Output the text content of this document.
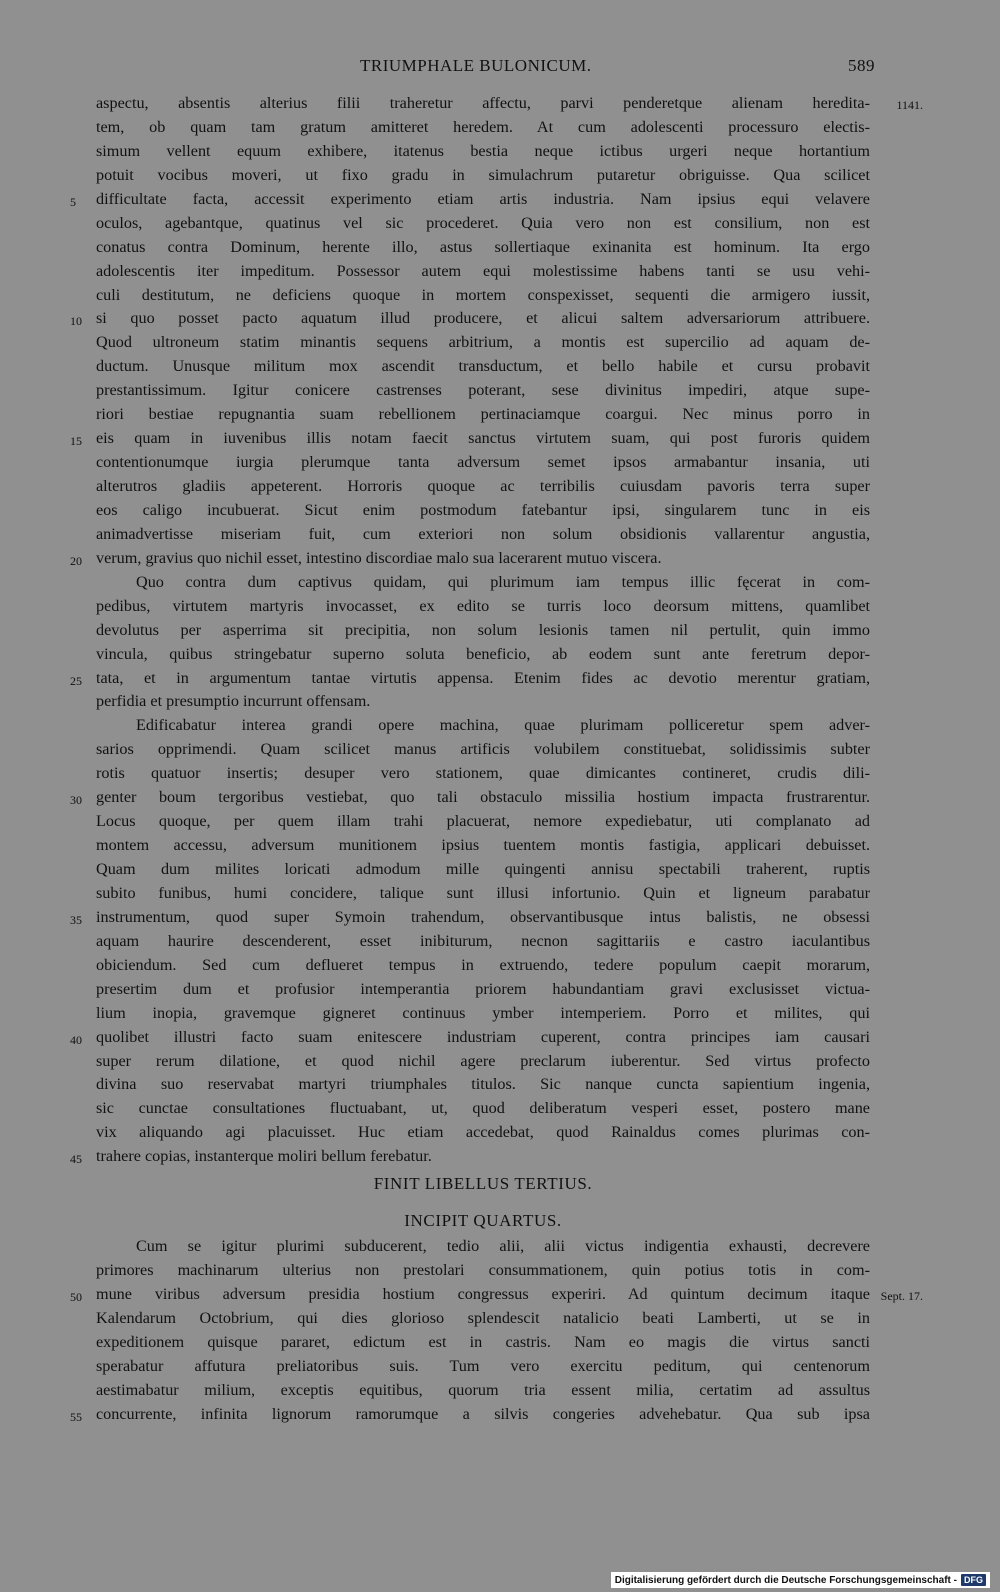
TRIUMPHALE BULONICUM.	589
aspectu, absentis alterius filii traheretur affectu, parvi penderetque alienam heredita- 1141.
tem, ob quam tam gratum amitteret heredem. At cum adolescenti processuro electis-
simum vellent equum exhibere, itatenus bestia neque ictibus urgeri neque hortantium
potuit vocibus moveri, ut fixo gradu in simulachrum putaretur obriguisse. Qua scilicet
difficultate facta, accessit experimento etiam artis industria. Nam ipsius equi velavere
5
oculos, agebantque, quatinus vel sic procederet. Quia vero non est consilium, non est
conatus contra Dominum, herente illo, astus sollertiaque exinanita est hominum. Ita ergo
adolescentis iter impeditum. Possessor autem equi molestissime habens tanti se usu vehi-
culi destitutum, ne deficiens quoque in mortem conspexisset, sequenti die armigero iussit,
si quo posset pacto aquatum illud producere, et alicui saltem adversariorum attribuere.
10
Quod ultroneum statim minantis sequens arbitrium, a montis est supercilio ad aquam de-
ductum. Unusque militum mox ascendit transductum, et bello habile et cursu probavit
prestantissimum. Igitur conicere castrenses poterant, sese divinitus impediri, atque supe-
riori bestiae repugnantia suam rebellionem pertinaciamque coargui. Nec minus porro in
eis quam in iuvenibus illis notam faecit sanctus virtutem suam, qui post furoris quidem
15
contentionumque iurgia plerumque tanta adversum semet ipsos armabantur insania, uti
alterutros gladiis appeterent. Horroris quoque ac terribilis cuiusdam pavoris terra super
eos caligo incubuerat. Sicut enim postmodum fatebantur ipsi, singularem tunc in eis
animadvertisse miseriam fuit, cum exteriori non solum obsidionis vallarentur angustia,
verum, gravius quo nichil esset, intestino discordiae malo sua lacerarent mutuo viscera.
20
Quo contra dum captivus quidam, qui plurimum iam tempus illic fęcerat in com-
pedibus, virtutem martyris invocasset, ex edito se turris loco deorsum mittens, quamlibet
devolutus per asperrima sit precipitia, non solum lesionis tamen nil pertulit, quin immo
vincula, quibus stringebatur superno soluta beneficio, ab eodem sunt ante feretrum depor-
tata, et in argumentum tantae virtutis appensa. Etenim fides ac devotio merentur gratiam,
25
perfidia et presumptio incurrunt offensam.
Edificabatur interea grandi opere machina, quae plurimam polliceretur spem adver-
sarios opprimendi. Quam scilicet manus artificis volubilem constituebat, solidissimis subter
rotis quatuor insertis; desuper vero stationem, quae dimicantes contineret, crudis dili-
genter boum tergoribus vestiebat, quo tali obstaculo missilia hostium impacta frustrarentur.
30
Locus quoque, per quem illam trahi placuerat, nemore expediebatur, uti complanato ad
montem accessu, adversum munitionem ipsius tuentem montis fastigia, applicari debuisset.
Quam dum milites loricati admodum mille quingenti annisu spectabili traherent, ruptis
subito funibus, humi concidere, talique sunt illusi infortunio. Quin et ligneum parabatur
instrumentum, quod super Symoin trahendum, observantibusque intus balistis, ne obsessi
35
aquam haurire descenderent, esset inibiturum, necnon sagittariis e castro iaculantibus
obiciendum. Sed cum deflueret tempus in extruendo, tedere populum caepit morarum,
presertim dum et profusior intemperantia priorem habundantiam gravi exclusisset victua-
lium inopia, gravemque gigneret continuus ymber intemperiem. Porro et milites, qui
quolibet illustri facto suam enitescere industriam cuperent, contra principes iam causari
40
super rerum dilatione, et quod nichil agere preclarum iuberentur. Sed virtus profecto
divina suo reservabat martyri triumphales titulos. Sic nanque cuncta sapientium ingenia,
sic cunctae consultationes fluctuabant, ut, quod deliberatum vesperi esset, postero mane
vix aliquando agi placuisset. Huc etiam accedebat, quod Rainaldus comes plurimas con-
trahere copias, instanterque moliri bellum ferebatur.
45
FINIT LIBELLUS TERTIUS.
INCIPIT QUARTUS.
Cum se igitur plurimi subducerent, tedio alii, alii victus indigentia exhausti, decrevere
primores machinarum ulterius non prestolari consummationem, quin potius totis in com-
mune viribus adversum presidia hostium congressus experiri. Ad quintum decimum itaque
50	Sept. 17.
Kalendarum Octobrium, qui dies glorioso splendescit natalicio beati Lamberti, ut se in
expeditionem quisque pararet, edictum est in castris. Nam eo magis die virtus sancti
sperabatur affutura preliatoribus suis. Tum vero exercitu peditum, qui centenorum
aestimabatur milium, exceptis equitibus, quorum tria essent milia, certatim ad assultus
concurrente, infinita lignorum ramorumque a silvis congeries advehebatur. Qua sub ipsa
55
Digitalisierung gefördert durch die Deutsche Forschungsgemeinschaft - DFG
